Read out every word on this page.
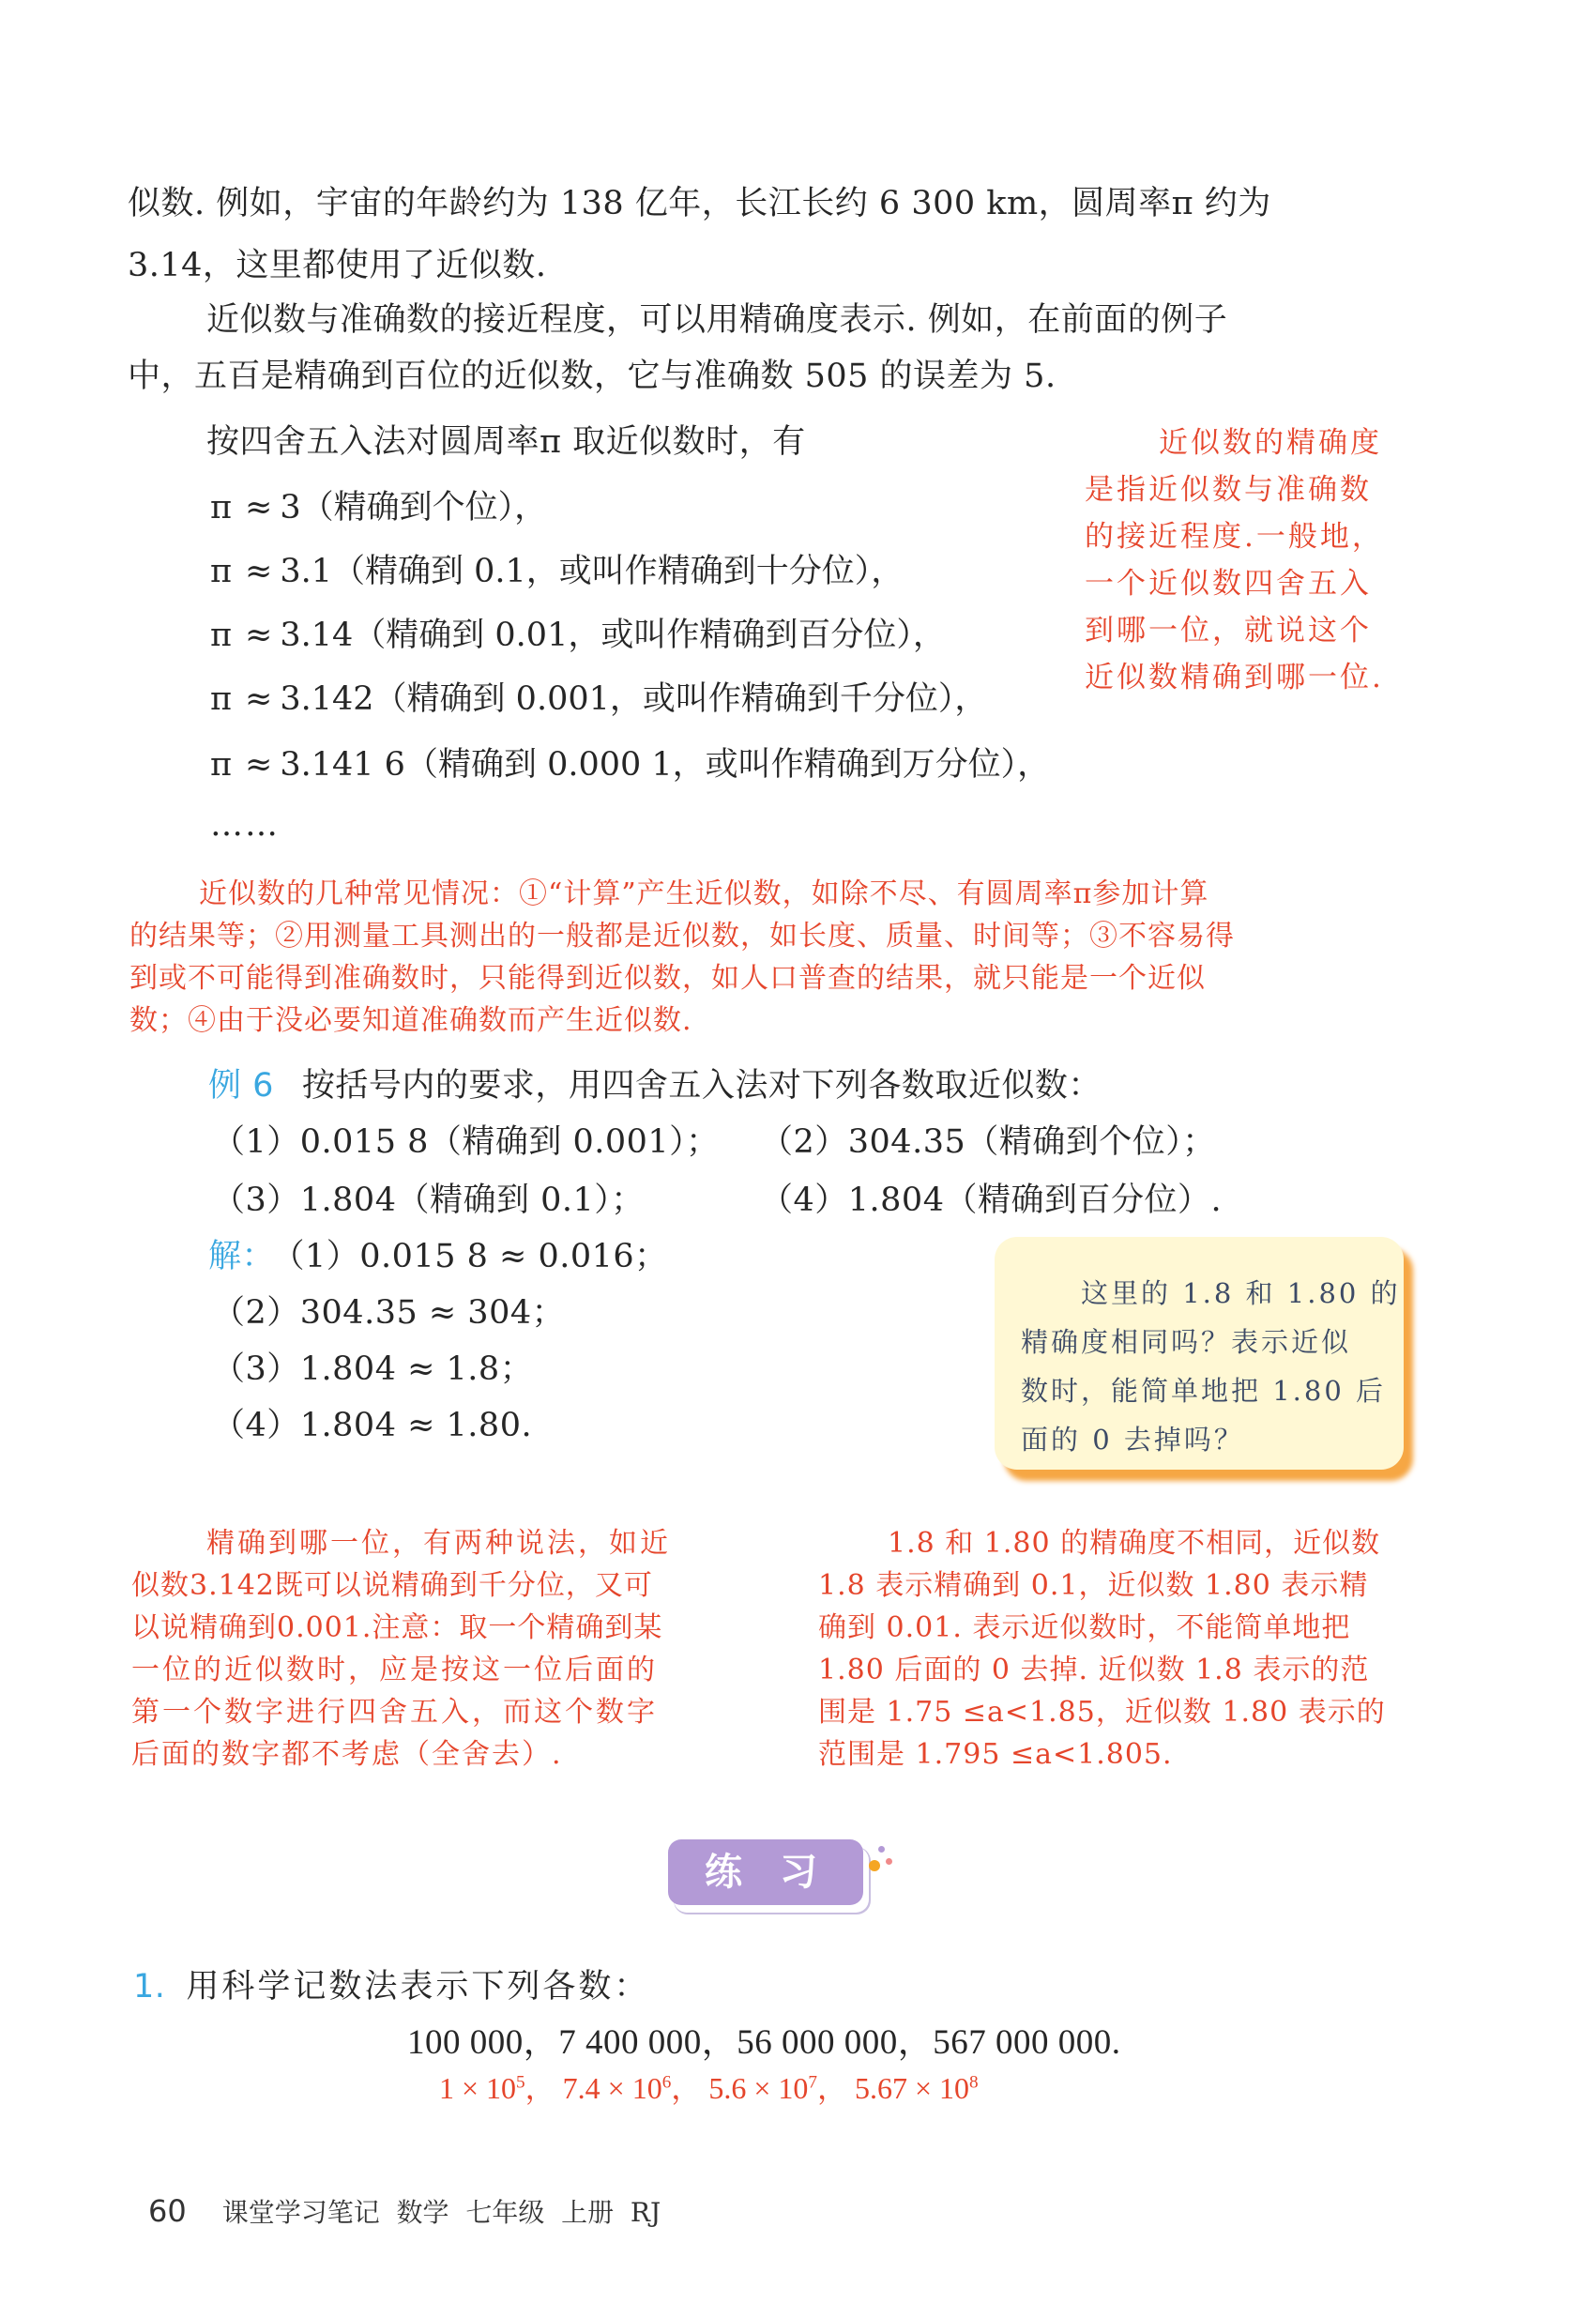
似数. 例如，宇宙的年龄约为 138 亿年，长江长约 6 300 km，圆周率π 约为
3.14，这里都使用了近似数.
近似数与准确数的接近程度，可以用精确度表示. 例如，在前面的例子
中，五百是精确到百位的近似数，它与准确数 505 的误差为 5.
按四舍五入法对圆周率π 取近似数时，有
π ≈ 3（精确到个位），
π ≈ 3.1（精确到 0.1，或叫作精确到十分位），
π ≈ 3.14（精确到 0.01，或叫作精确到百分位），
π ≈ 3.142（精确到 0.001，或叫作精确到千分位），
π ≈ 3.141 6（精确到 0.000 1，或叫作精确到万分位），
……
近似数的精确度
是指近似数与准确数
的接近程度.一般地，
一个近似数四舍五入
到哪一位，就说这个
近似数精确到哪一位.
近似数的几种常见情况：①“计算”产生近似数，如除不尽、有圆周率π参加计算
的结果等；②用测量工具测出的一般都是近似数，如长度、质量、时间等；③不容易得
到或不可能得到准确数时，只能得到近似数，如人口普查的结果，就只能是一个近似
数；④由于没必要知道准确数而产生近似数.
例 6 按括号内的要求，用四舍五入法对下列各数取近似数：
（1）0.015 8（精确到 0.001）； （2）304.35（精确到个位）；
（3）1.804（精确到 0.1）；	（4）1.804（精确到百分位）.
解： （1）0.015 8 ≈ 0.016；
（2）304.35 ≈ 304；
（3）1.804 ≈ 1.8；
（4）1.804 ≈ 1.80.

这里的 1.8 和 1.80 的

精确度相同吗？表示近似

数时，能简单地把 1.80 后

面的 0 去掉吗？

精确到哪一位，有两种说法，如近
似数3.142既可以说精确到千分位，又可
以说精确到0.001.注意：取一个精确到某
一位的近似数时，应是按这一位后面的
第一个数字进行四舍五入，而这个数字
后面的数字都不考虑（全舍去）.
1.8 和 1.80 的精确度不相同，近似数
1.8 表示精确到 0.1，近似数 1.80 表示精
确到 0.01. 表示近似数时，不能简单地把
1.80 后面的 0 去掉. 近似数 1.8 表示的范
围是 1.75 ≤a<1.85，近似数 1.80 表示的
范围是 1.795 ≤a<1.805.
练习
1. 用科学记数法表示下列各数：
100 000，7 400 000，56 000 000，567 000 000.
$1 \times 10^5$， $7.4 \times 10^6$， $5.6 \times 10^7$， $5.67 \times 10^8$
60 课堂学习笔记  数学  七年级  上册  RJ
